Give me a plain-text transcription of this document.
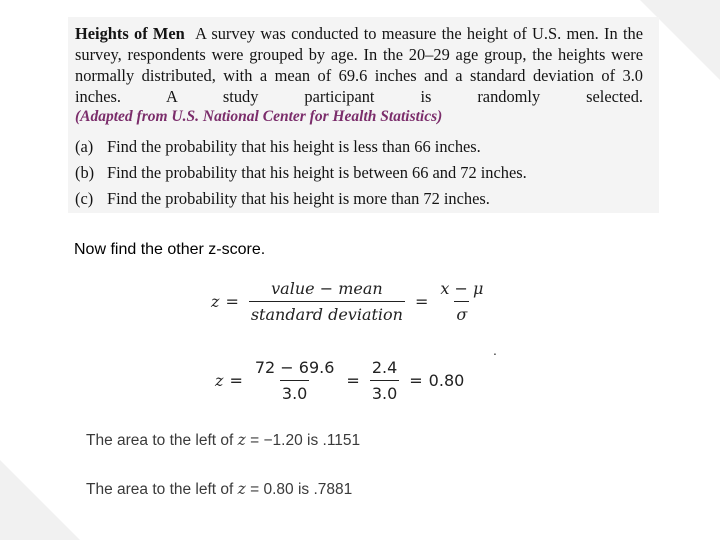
Heights of Men A survey was conducted to measure the height of U.S. men. In the survey, respondents were grouped by age. In the 20–29 age group, the heights were normally distributed, with a mean of 69.6 inches and a standard deviation of 3.0 inches. A study participant is randomly selected.
(Adapted from U.S. National Center for Health Statistics)
(a) Find the probability that his height is less than 66 inches.
(b) Find the probability that his height is between 66 and 72 inches.
(c) Find the probability that his height is more than 72 inches.
Now find the other z-score.
$z = \frac{\text{value − mean}}{\text{standard deviation}} = \frac{x - \mu}{\sigma}$
.
$z = \frac{72 - 69.6}{3.0} = \frac{2.4}{3.0} = 0.80$
The area to the left of z = −1.20 is .1151
The area to the left of z = 0.80 is .7881
